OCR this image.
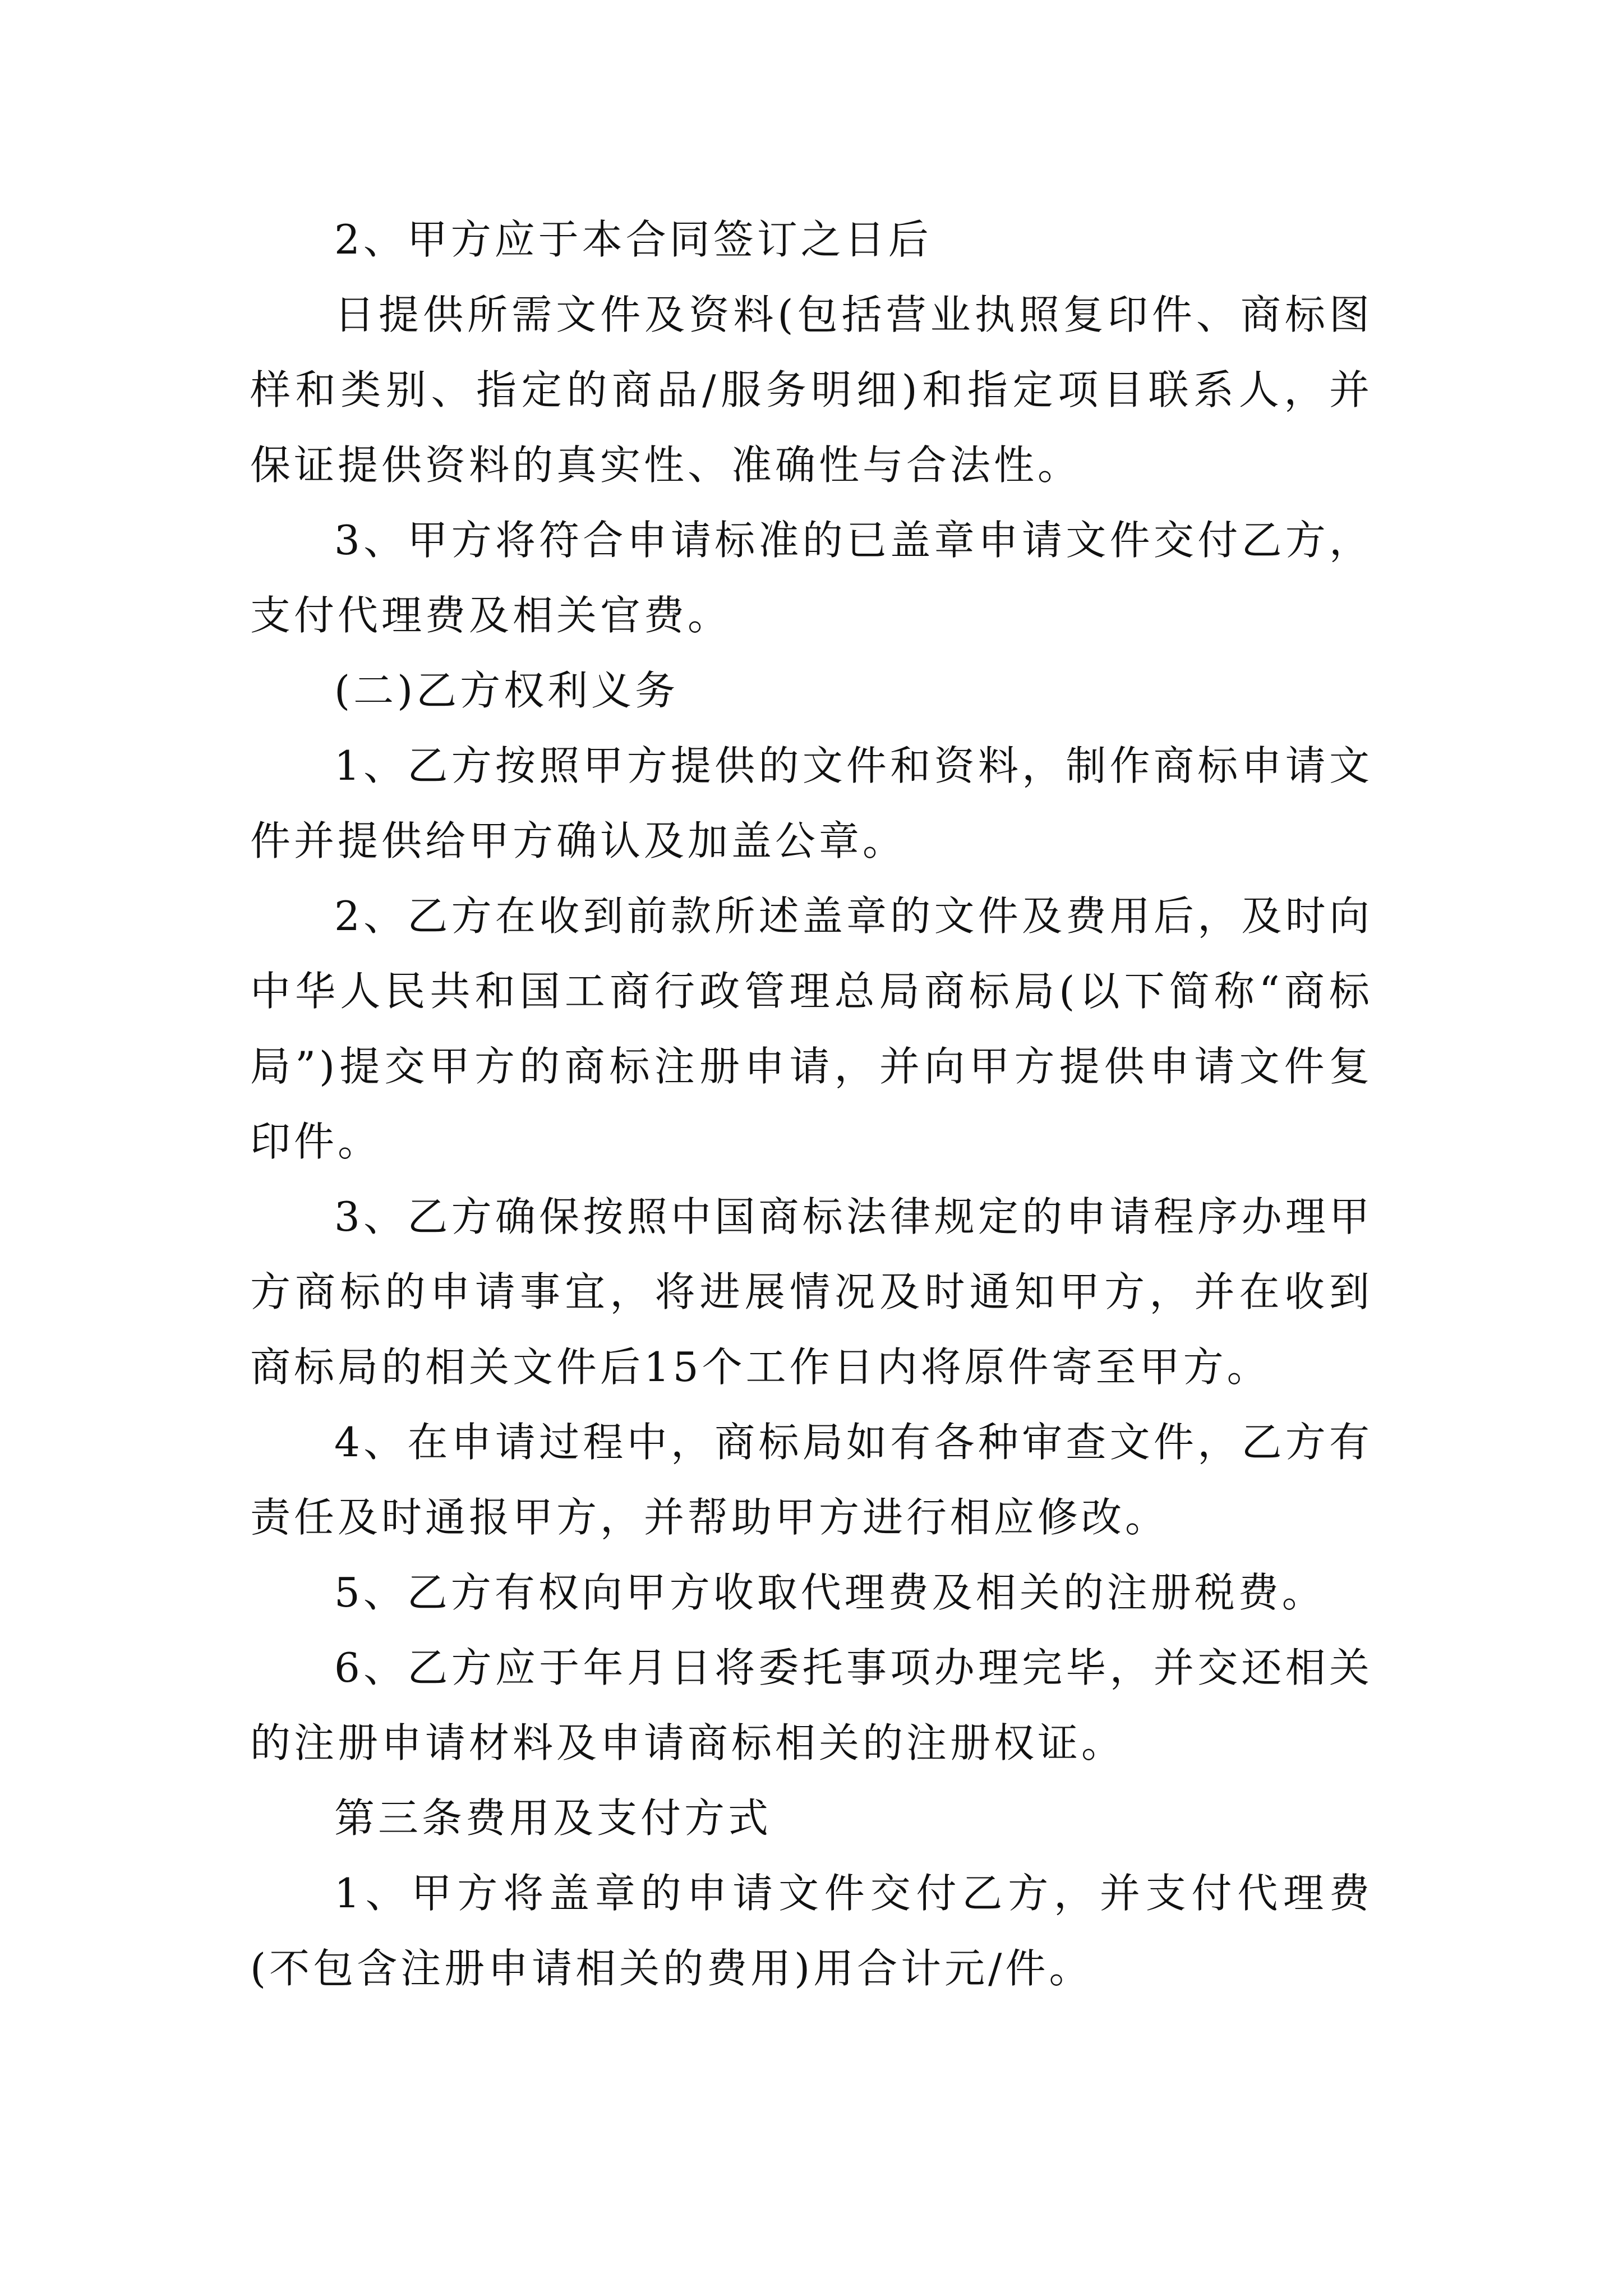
2、甲方应于本合同签订之日后

日提供所需文件及资料(包括营业执照复印件、商标图样和类别、指定的商品/服务明细)和指定项目联系人，并保证提供资料的真实性、准确性与合法性。

3、甲方将符合申请标准的已盖章申请文件交付乙方，支付代理费及相关官费。

(二)乙方权利义务

1、乙方按照甲方提供的文件和资料，制作商标申请文件并提供给甲方确认及加盖公章。

2、乙方在收到前款所述盖章的文件及费用后，及时向中华人民共和国工商行政管理总局商标局(以下简称“商标局”)提交甲方的商标注册申请，并向甲方提供申请文件复印件。

3、乙方确保按照中国商标法律规定的申请程序办理甲方商标的申请事宜，将进展情况及时通知甲方，并在收到商标局的相关文件后15个工作日内将原件寄至甲方。

4、在申请过程中，商标局如有各种审查文件，乙方有责任及时通报甲方，并帮助甲方进行相应修改。

5、乙方有权向甲方收取代理费及相关的注册税费。

6、乙方应于年月日将委托事项办理完毕，并交还相关的注册申请材料及申请商标相关的注册权证。

第三条费用及支付方式

1、甲方将盖章的申请文件交付乙方，并支付代理费(不包含注册申请相关的费用)用合计元/件。
